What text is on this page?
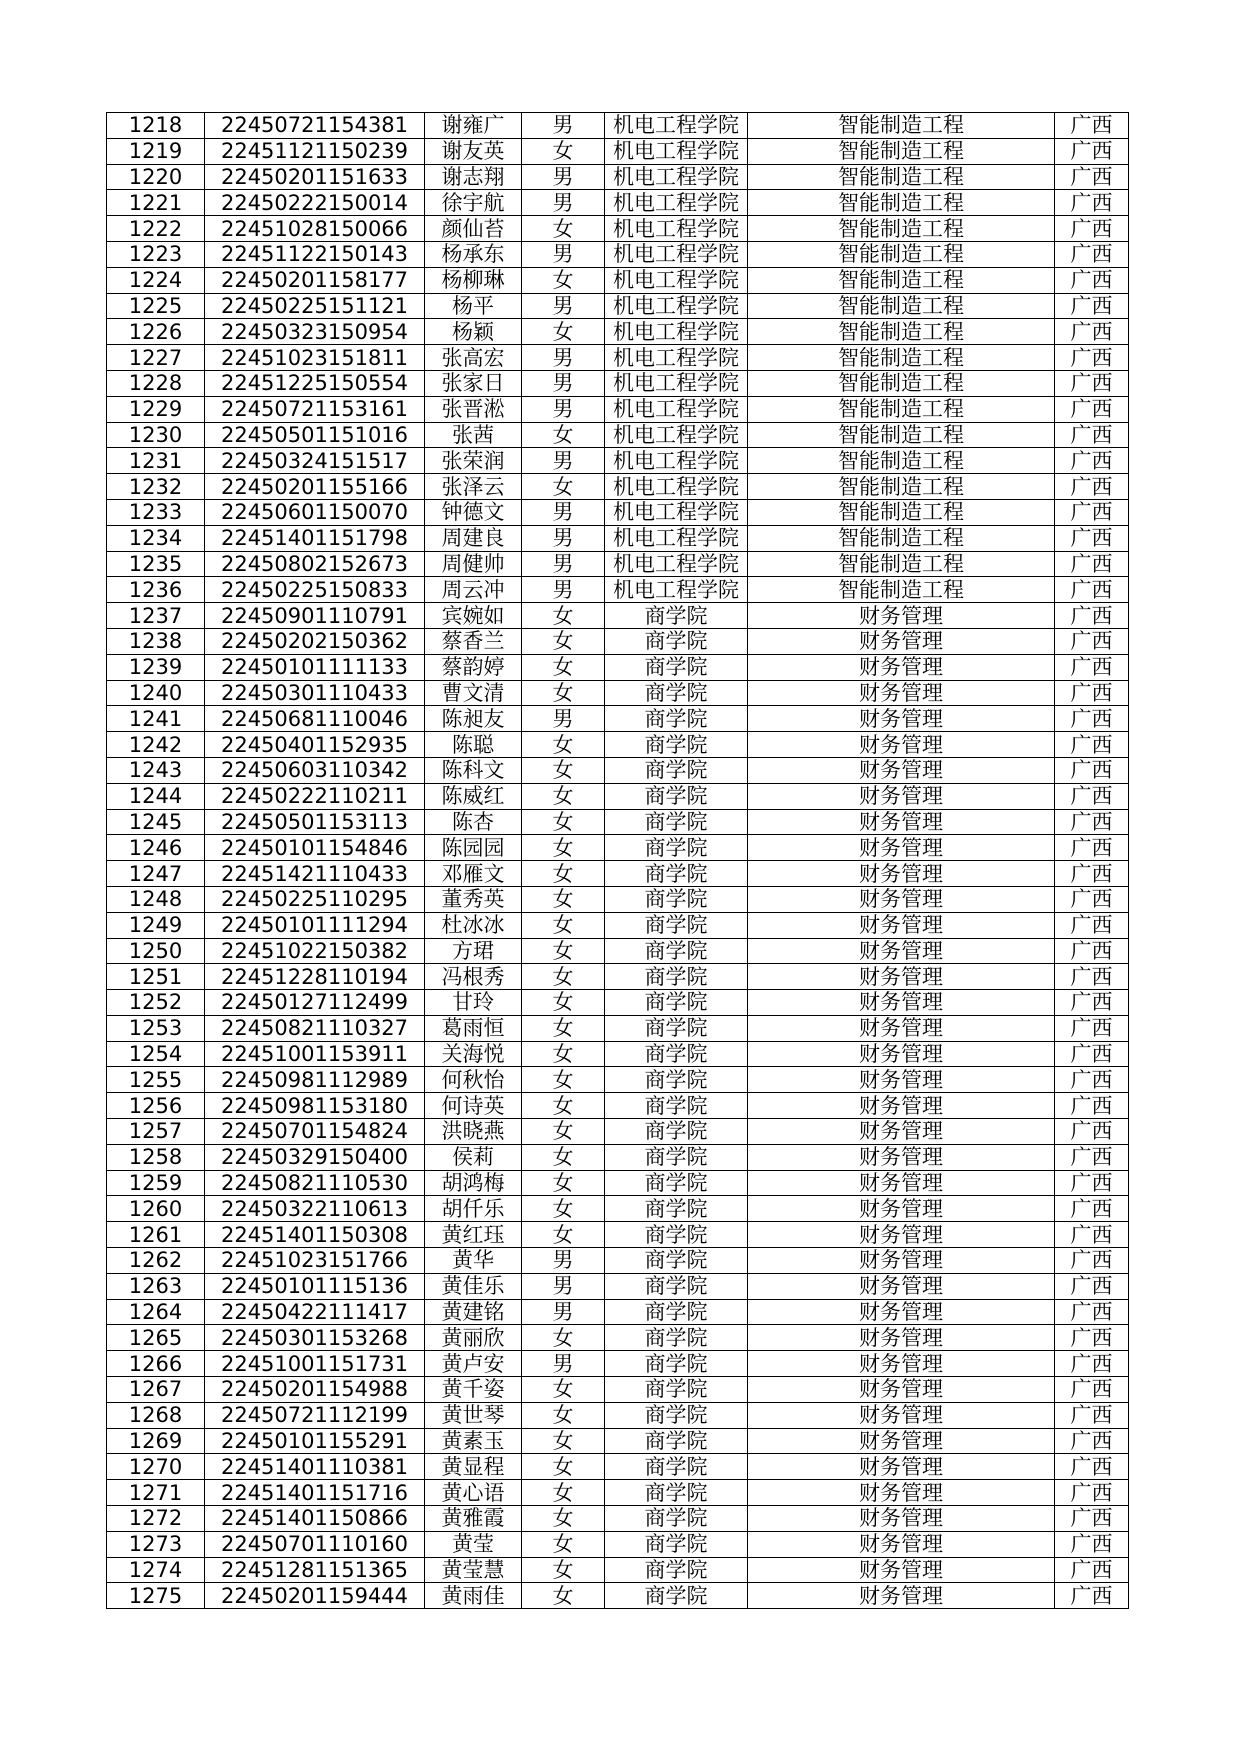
1218	22450721154381	谢雍广	男	机电工程学院	智能制造工程	广西
1219	22451121150239	谢友英	女	机电工程学院	智能制造工程	广西
1220	22450201151633	谢志翔	男	机电工程学院	智能制造工程	广西
1221	22450222150014	徐宇航	男	机电工程学院	智能制造工程	广西
1222	22451028150066	颜仙苔	女	机电工程学院	智能制造工程	广西
1223	22451122150143	杨承东	男	机电工程学院	智能制造工程	广西
1224	22450201158177	杨柳琳	女	机电工程学院	智能制造工程	广西
1225	22450225151121	杨平	男	机电工程学院	智能制造工程	广西
1226	22450323150954	杨颖	女	机电工程学院	智能制造工程	广西
1227	22451023151811	张高宏	男	机电工程学院	智能制造工程	广西
1228	22451225150554	张家日	男	机电工程学院	智能制造工程	广西
1229	22450721153161	张晋淞	男	机电工程学院	智能制造工程	广西
1230	22450501151016	张茜	女	机电工程学院	智能制造工程	广西
1231	22450324151517	张荣润	男	机电工程学院	智能制造工程	广西
1232	22450201155166	张泽云	女	机电工程学院	智能制造工程	广西
1233	22450601150070	钟德文	男	机电工程学院	智能制造工程	广西
1234	22451401151798	周建良	男	机电工程学院	智能制造工程	广西
1235	22450802152673	周健帅	男	机电工程学院	智能制造工程	广西
1236	22450225150833	周云冲	男	机电工程学院	智能制造工程	广西
1237	22450901110791	宾婉如	女	商学院	财务管理	广西
1238	22450202150362	蔡香兰	女	商学院	财务管理	广西
1239	22450101111133	蔡韵婷	女	商学院	财务管理	广西
1240	22450301110433	曹文清	女	商学院	财务管理	广西
1241	22450681110046	陈昶友	男	商学院	财务管理	广西
1242	22450401152935	陈聪	女	商学院	财务管理	广西
1243	22450603110342	陈科文	女	商学院	财务管理	广西
1244	22450222110211	陈威红	女	商学院	财务管理	广西
1245	22450501153113	陈杏	女	商学院	财务管理	广西
1246	22450101154846	陈园园	女	商学院	财务管理	广西
1247	22451421110433	邓雁文	女	商学院	财务管理	广西
1248	22450225110295	董秀英	女	商学院	财务管理	广西
1249	22450101111294	杜冰冰	女	商学院	财务管理	广西
1250	22451022150382	方珺	女	商学院	财务管理	广西
1251	22451228110194	冯根秀	女	商学院	财务管理	广西
1252	22450127112499	甘玲	女	商学院	财务管理	广西
1253	22450821110327	葛雨恒	女	商学院	财务管理	广西
1254	22451001153911	关海悦	女	商学院	财务管理	广西
1255	22450981112989	何秋怡	女	商学院	财务管理	广西
1256	22450981153180	何诗英	女	商学院	财务管理	广西
1257	22450701154824	洪晓燕	女	商学院	财务管理	广西
1258	22450329150400	侯莉	女	商学院	财务管理	广西
1259	22450821110530	胡鸿梅	女	商学院	财务管理	广西
1260	22450322110613	胡仟乐	女	商学院	财务管理	广西
1261	22451401150308	黄红珏	女	商学院	财务管理	广西
1262	22451023151766	黄华	男	商学院	财务管理	广西
1263	22450101115136	黄佳乐	男	商学院	财务管理	广西
1264	22450422111417	黄建铭	男	商学院	财务管理	广西
1265	22450301153268	黄丽欣	女	商学院	财务管理	广西
1266	22451001151731	黄卢安	男	商学院	财务管理	广西
1267	22450201154988	黄千姿	女	商学院	财务管理	广西
1268	22450721112199	黄世琴	女	商学院	财务管理	广西
1269	22450101155291	黄素玉	女	商学院	财务管理	广西
1270	22451401110381	黄显程	女	商学院	财务管理	广西
1271	22451401151716	黄心语	女	商学院	财务管理	广西
1272	22451401150866	黄雅霞	女	商学院	财务管理	广西
1273	22450701110160	黄莹	女	商学院	财务管理	广西
1274	22451281151365	黄莹慧	女	商学院	财务管理	广西
1275	22450201159444	黄雨佳	女	商学院	财务管理	广西
